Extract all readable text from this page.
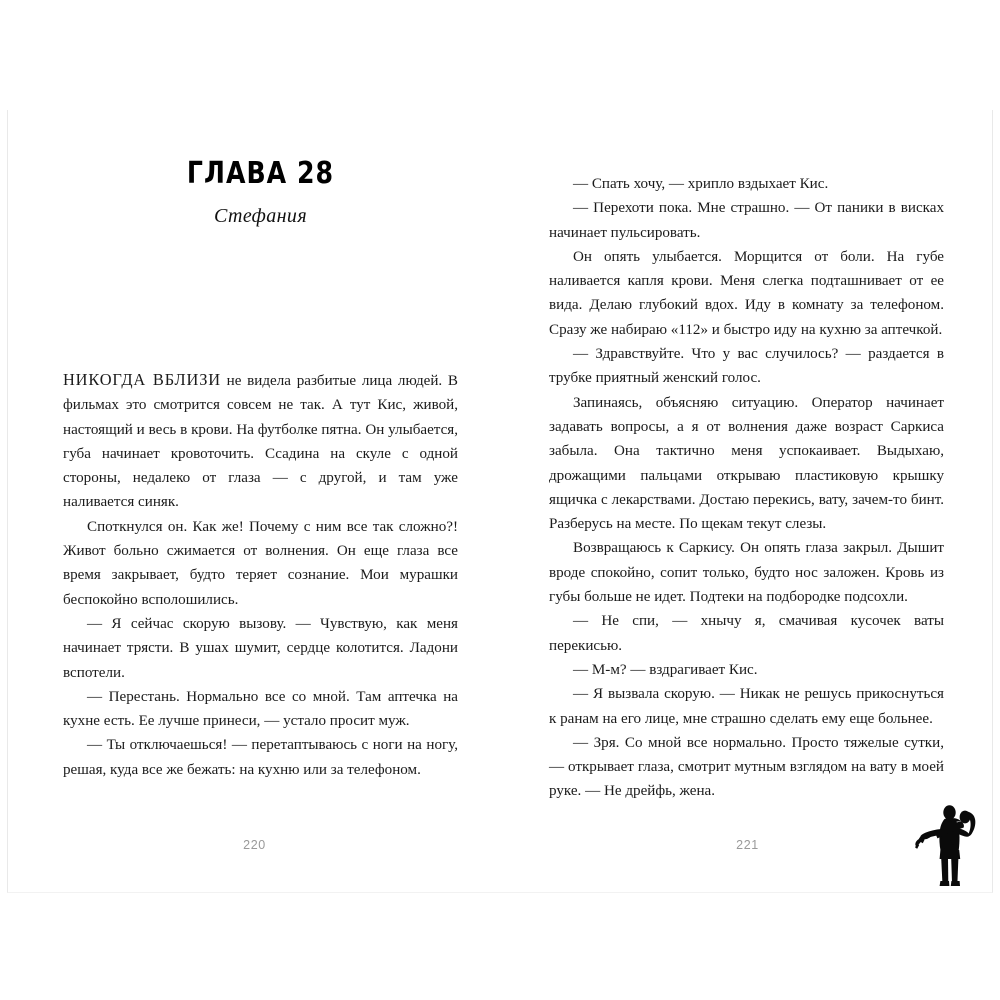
ГЛАВА 28
Стефания

НИКОГДА ВБЛИЗИ не видела разбитые лица людей. В фильмах это смотрится совсем не так. А тут Кис, живой, настоящий и весь в крови. На футболке пятна. Он улыбается, губа начинает кровоточить. Ссадина на скуле с одной стороны, недалеко от глаза — с другой, и там уже наливается синяк.

Споткнулся он. Как же! Почему с ним все так сложно?! Живот больно сжимается от волнения. Он еще глаза все время закрывает, будто теряет сознание. Мои мурашки беспокойно всполошились.

— Я сейчас скорую вызову. — Чувствую, как меня начинает трясти. В ушах шумит, сердце колотится. Ладони вспотели.

— Перестань. Нормально все со мной. Там аптечка на кухне есть. Ее лучше принеси, — устало просит муж.

— Ты отключаешься! — перетаптываюсь с ноги на ногу, решая, куда все же бежать: на кухню или за телефоном.

220

— Спать хочу, — хрипло вздыхает Кис.

— Перехоти пока. Мне страшно. — От паники в висках начинает пульсировать.

Он опять улыбается. Морщится от боли. На губе наливается капля крови. Меня слегка подташнивает от ее вида. Делаю глубокий вдох. Иду в комнату за телефоном. Сразу же набираю «112» и быстро иду на кухню за аптечкой.

— Здравствуйте. Что у вас случилось? — раздается в трубке приятный женский голос.

Запинаясь, объясняю ситуацию. Оператор начинает задавать вопросы, а я от волнения даже возраст Саркиса забыла. Она тактично меня успокаивает. Выдыхаю, дрожащими пальцами открываю пластиковую крышку ящичка с лекарствами. Достаю перекись, вату, зачем-то бинт. Разберусь на месте. По щекам текут слезы.

Возвращаюсь к Саркису. Он опять глаза закрыл. Дышит вроде спокойно, сопит только, будто нос заложен. Кровь из губы больше не идет. Подтеки на подбородке подсохли.

— Не спи, — хнычу я, смачивая кусочек ваты перекисью.

— М-м? — вздрагивает Кис.

— Я вызвала скорую. — Никак не решусь прикоснуться к ранам на его лице, мне страшно сделать ему еще больнее.

— Зря. Со мной все нормально. Просто тяжелые сутки, — открывает глаза, смотрит мутным взглядом на вату в моей руке. — Не дрейфь, жена.

221
